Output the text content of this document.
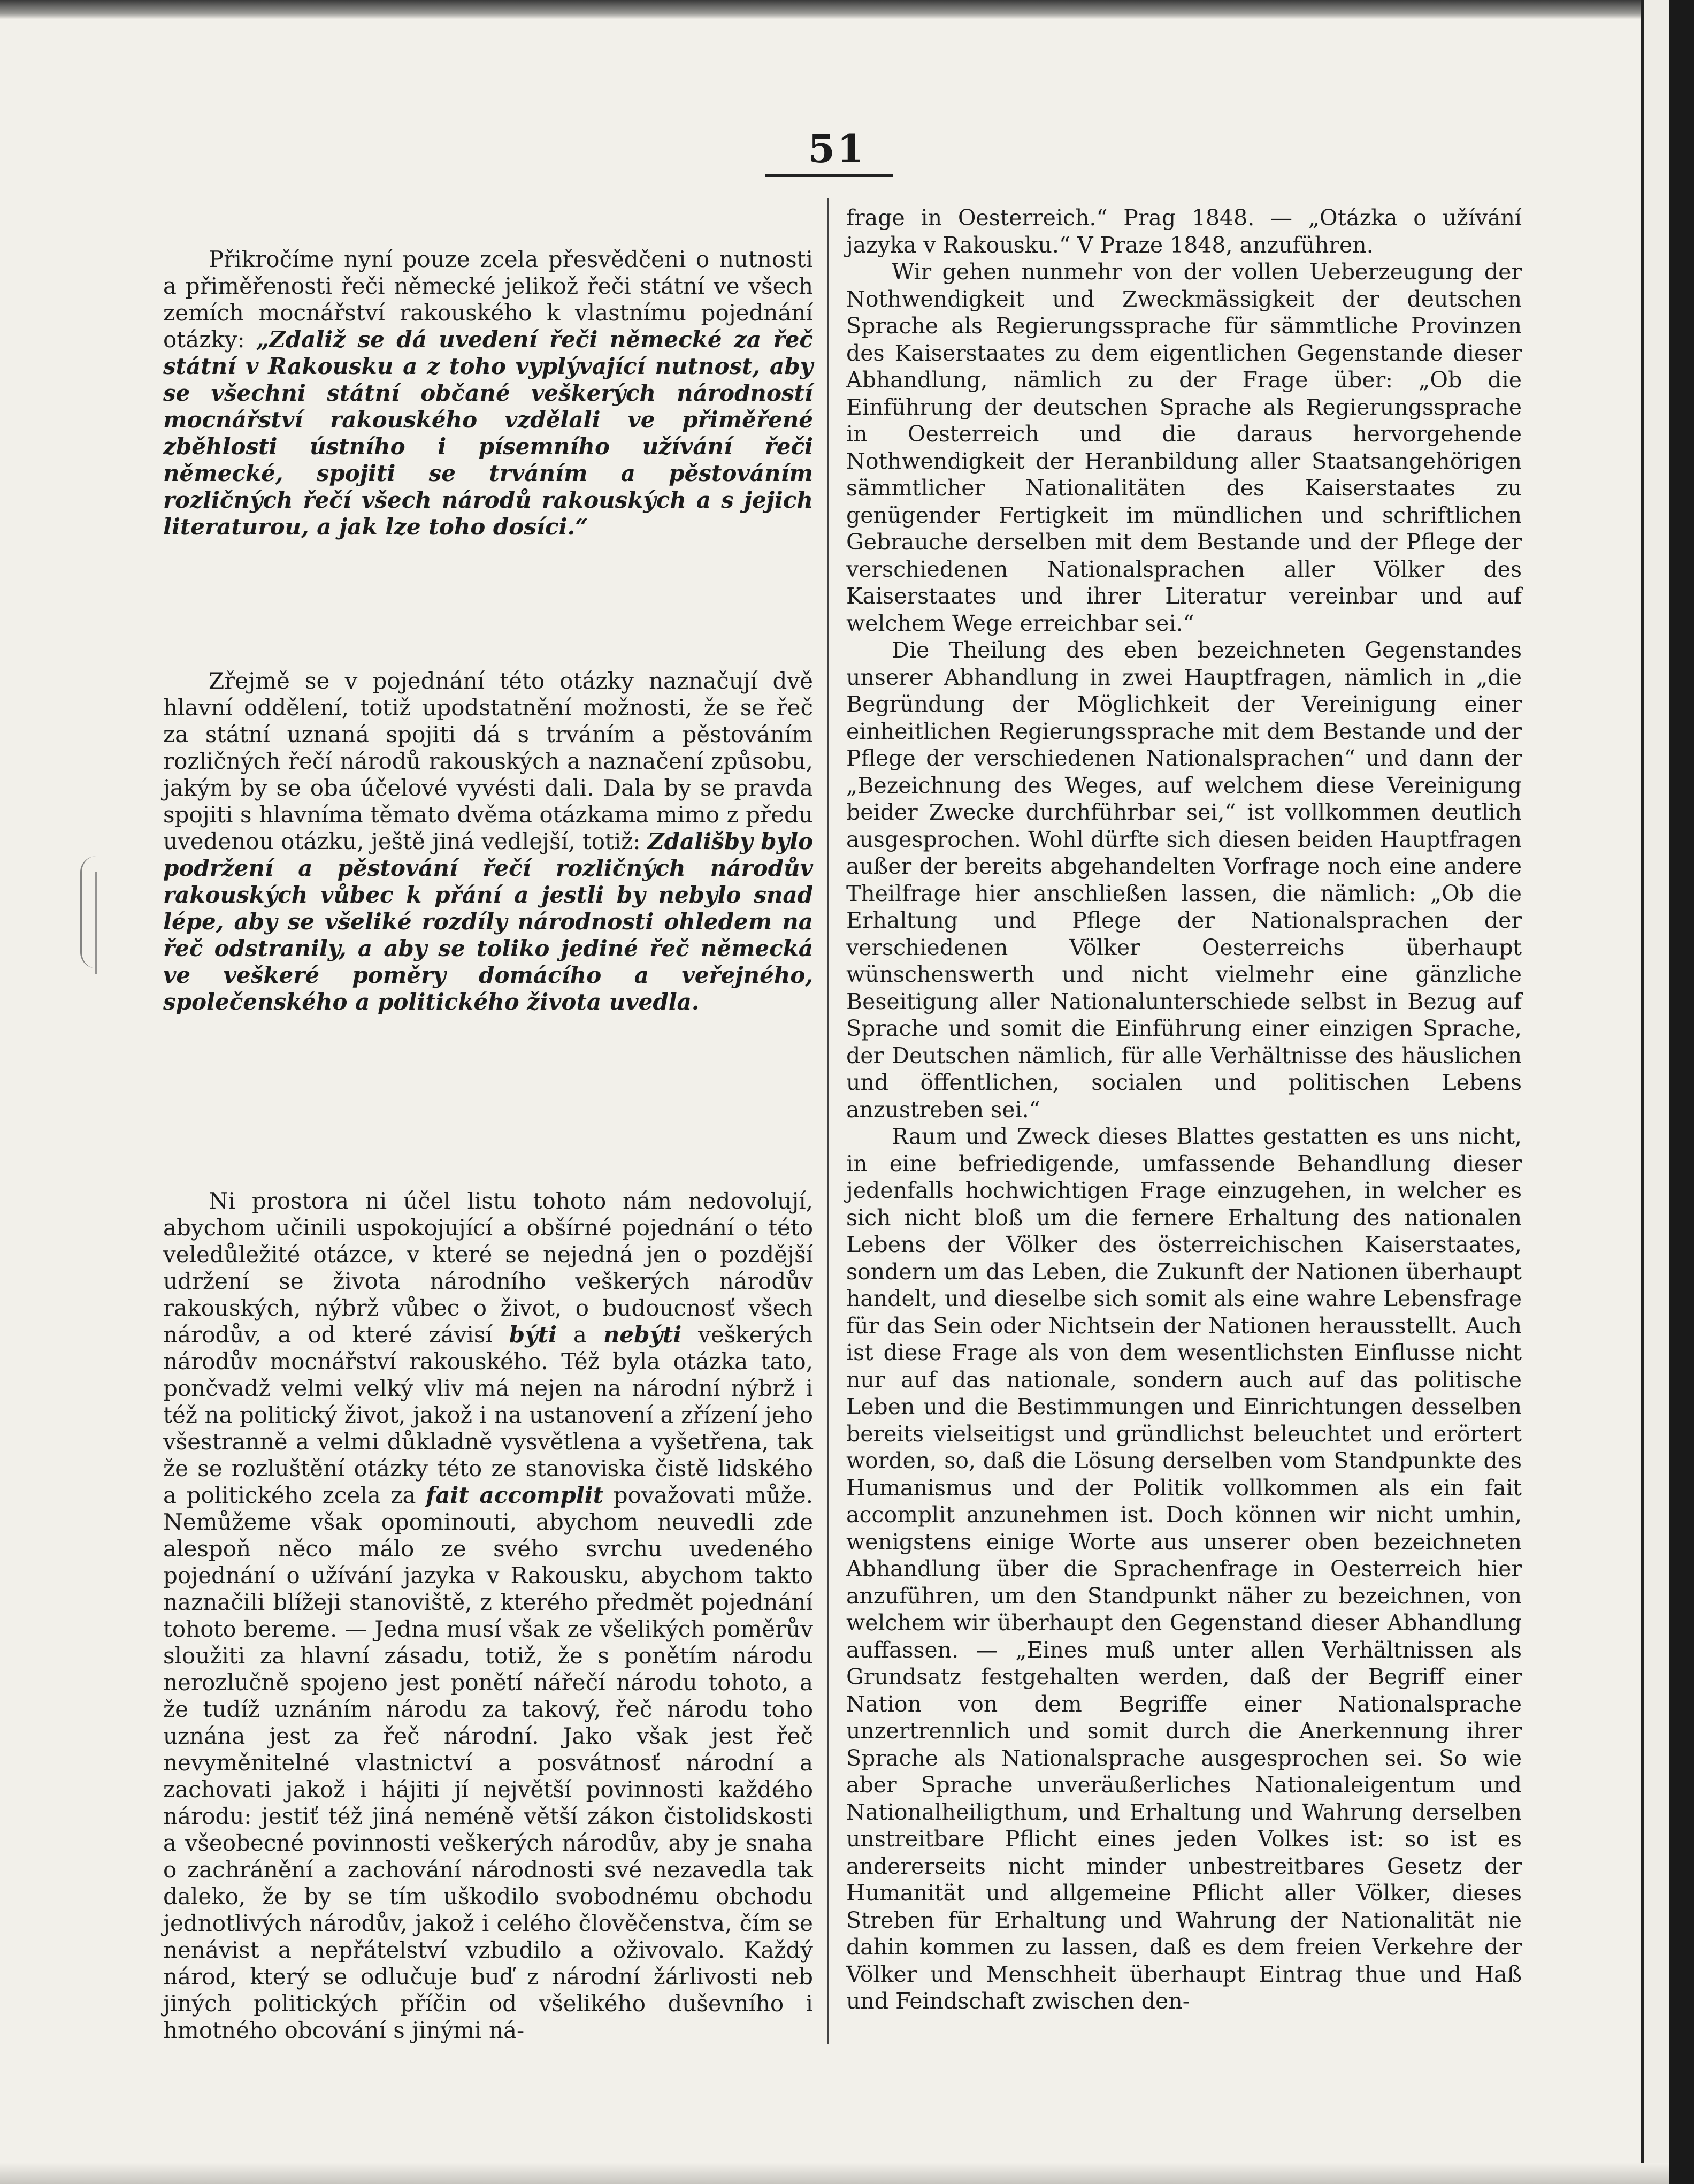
51

Přikročíme nyní pouze zcela přesvědčeni o nutnosti a přiměřenosti řeči německé jelikož řeči státní ve všech zemích mocnářství rakouského k vlastnímu pojednání otázky: „Zdaliž se dá uvedení řeči německé za řeč státní v Rakousku a z toho vyplývající nutnost, aby se všechni státní občané veškerých národností mocnářství rakouského vzdělali ve přiměřené zběhlosti ústního i písemního užívání řeči německé, spojiti se trváním a pěstováním rozličných řečí všech národů rakouských a s jejich literaturou, a jak lze toho dosíci.“

Zřejmě se v pojednání této otázky naznačují dvě hlavní oddělení, totiž upodstatnění možnosti, že se řeč za státní uznaná spojiti dá s trváním a pěstováním rozličných řečí národů rakouských a naznačení způsobu, jakým by se oba účelové vyvésti dali. Dala by se pravda spojiti s hlavníma těmato dvěma otázkama mimo z předu uvedenou otázku, ještě jiná vedlejší, totiž: Zdališby bylo podržení a pěstování řečí rozličných národův rakouských vůbec k přání a jestli by nebylo snad lépe, aby se všeliké rozdíly národnosti ohledem na řeč odstranily, a aby se toliko jediné řeč německá ve veškeré poměry domácího a veřejného, společenského a politického života uvedla.

Ni prostora ni účel listu tohoto nám nedovolují, abychom učinili uspokojující a obšírné pojednání o této veledůležité otázce, v které se nejedná jen o pozdější udržení se života národního veškerých národův rakouských, nýbrž vůbec o život, o budoucnosť všech národův, a od které závisí býti a nebýti veškerých národův mocnářství rakouského. Též byla otázka tato, pončvadž velmi velký vliv má nejen na národní nýbrž i též na politický život, jakož i na ustanovení a zřízení jeho všestranně a velmi důkladně vysvětlena a vyšetřena, tak že se rozluštění otázky této ze stanoviska čistě lidského a politického zcela za fait accomplit považovati může. Nemůžeme však opominouti, abychom neuvedli zde alespoň něco málo ze svého svrchu uvedeného pojednání o užívání jazyka v Rakousku, abychom takto naznačili blížeji stanoviště, z kterého předmět pojednání tohoto bereme. — Jedna musí však ze všelikých poměrův sloužiti za hlavní zásadu, totiž, že s ponětím národu nerozlučně spojeno jest ponětí nářečí národu tohoto, a že tudíž uznáním národu za takový, řeč národu toho uznána jest za řeč národní. Jako však jest řeč nevyměnitelné vlastnictví a posvátnosť národní a zachovati jakož i hájiti jí největší povinnosti každého národu: jestiť též jiná neméně větší zákon čistolidskosti a všeobecné povinnosti veškerých národův, aby je snaha o zachránění a zachování národnosti své nezavedla tak daleko, že by se tím uškodilo svobodnému obchodu jednotlivých národův, jakož i celého člověčenstva, čím se nenávist a nepřátelství vzbudilo a oživovalo. Každý národ, který se odlučuje buď z národní žárlivosti neb jiných politických příčin od všelikého duševního i hmotného obcování s jinými ná-

frage in Oesterreich.“ Prag 1848. — „Otázka o užívání jazyka v Rakousku.“ V Praze 1848, anzuführen.

Wir gehen nunmehr von der vollen Ueberzeugung der Nothwendigkeit und Zweckmässigkeit der deutschen Sprache als Regierungssprache für sämmtliche Provinzen des Kaiserstaates zu dem eigentlichen Gegenstande dieser Abhandlung, nämlich zu der Frage über: „Ob die Einführung der deutschen Sprache als Regierungssprache in Oesterreich und die daraus hervorgehende Nothwendigkeit der Heranbildung aller Staatsangehörigen sämmtlicher Nationalitäten des Kaiserstaates zu genügender Fertigkeit im mündlichen und schriftlichen Gebrauche derselben mit dem Bestande und der Pflege der verschiedenen Nationalsprachen aller Völker des Kaiserstaates und ihrer Literatur vereinbar und auf welchem Wege erreichbar sei.“

Die Theilung des eben bezeichneten Gegenstandes unserer Abhandlung in zwei Hauptfragen, nämlich in „die Begründung der Möglichkeit der Vereinigung einer einheitlichen Regierungssprache mit dem Bestande und der Pflege der verschiedenen Nationalsprachen“ und dann der „Bezeichnung des Weges, auf welchem diese Vereinigung beider Zwecke durchführbar sei,“ ist vollkommen deutlich ausgesprochen. Wohl dürfte sich diesen beiden Hauptfragen außer der bereits abgehandelten Vorfrage noch eine andere Theilfrage hier anschließen lassen, die nämlich: „Ob die Erhaltung und Pflege der Nationalsprachen der verschiedenen Völker Oesterreichs überhaupt wünschenswerth und nicht vielmehr eine gänzliche Beseitigung aller Nationalunterschiede selbst in Bezug auf Sprache und somit die Einführung einer einzigen Sprache, der Deutschen nämlich, für alle Verhältnisse des häuslichen und öffentlichen, socialen und politischen Lebens anzustreben sei.“

Raum und Zweck dieses Blattes gestatten es uns nicht, in eine befriedigende, umfassende Behandlung dieser jedenfalls hochwichtigen Frage einzugehen, in welcher es sich nicht bloß um die fernere Erhaltung des nationalen Lebens der Völker des österreichischen Kaiserstaates, sondern um das Leben, die Zukunft der Nationen überhaupt handelt, und dieselbe sich somit als eine wahre Lebensfrage für das Sein oder Nichtsein der Nationen herausstellt. Auch ist diese Frage als von dem wesentlichsten Einflusse nicht nur auf das nationale, sondern auch auf das politische Leben und die Bestimmungen und Einrichtungen desselben bereits vielseitigst und gründlichst beleuchtet und erörtert worden, so, daß die Lösung derselben vom Standpunkte des Humanismus und der Politik vollkommen als ein fait accomplit anzunehmen ist. Doch können wir nicht umhin, wenigstens einige Worte aus unserer oben bezeichneten Abhandlung über die Sprachenfrage in Oesterreich hier anzuführen, um den Standpunkt näher zu bezeichnen, von welchem wir überhaupt den Gegenstand dieser Abhandlung auffassen. — „Eines muß unter allen Verhältnissen als Grundsatz festgehalten werden, daß der Begriff einer Nation von dem Begriffe einer Nationalsprache unzertrennlich und somit durch die Anerkennung ihrer Sprache als Nationalsprache ausgesprochen sei. So wie aber Sprache unveräußerliches Nationaleigentum und Nationalheiligthum, und Erhaltung und Wahrung derselben unstreitbare Pflicht eines jeden Volkes ist: so ist es andererseits nicht minder unbestreitbares Gesetz der Humanität und allgemeine Pflicht aller Völker, dieses Streben für Erhaltung und Wahrung der Nationalität nie dahin kommen zu lassen, daß es dem freien Verkehre der Völker und Menschheit überhaupt Eintrag thue und Haß und Feindschaft zwischen den-
